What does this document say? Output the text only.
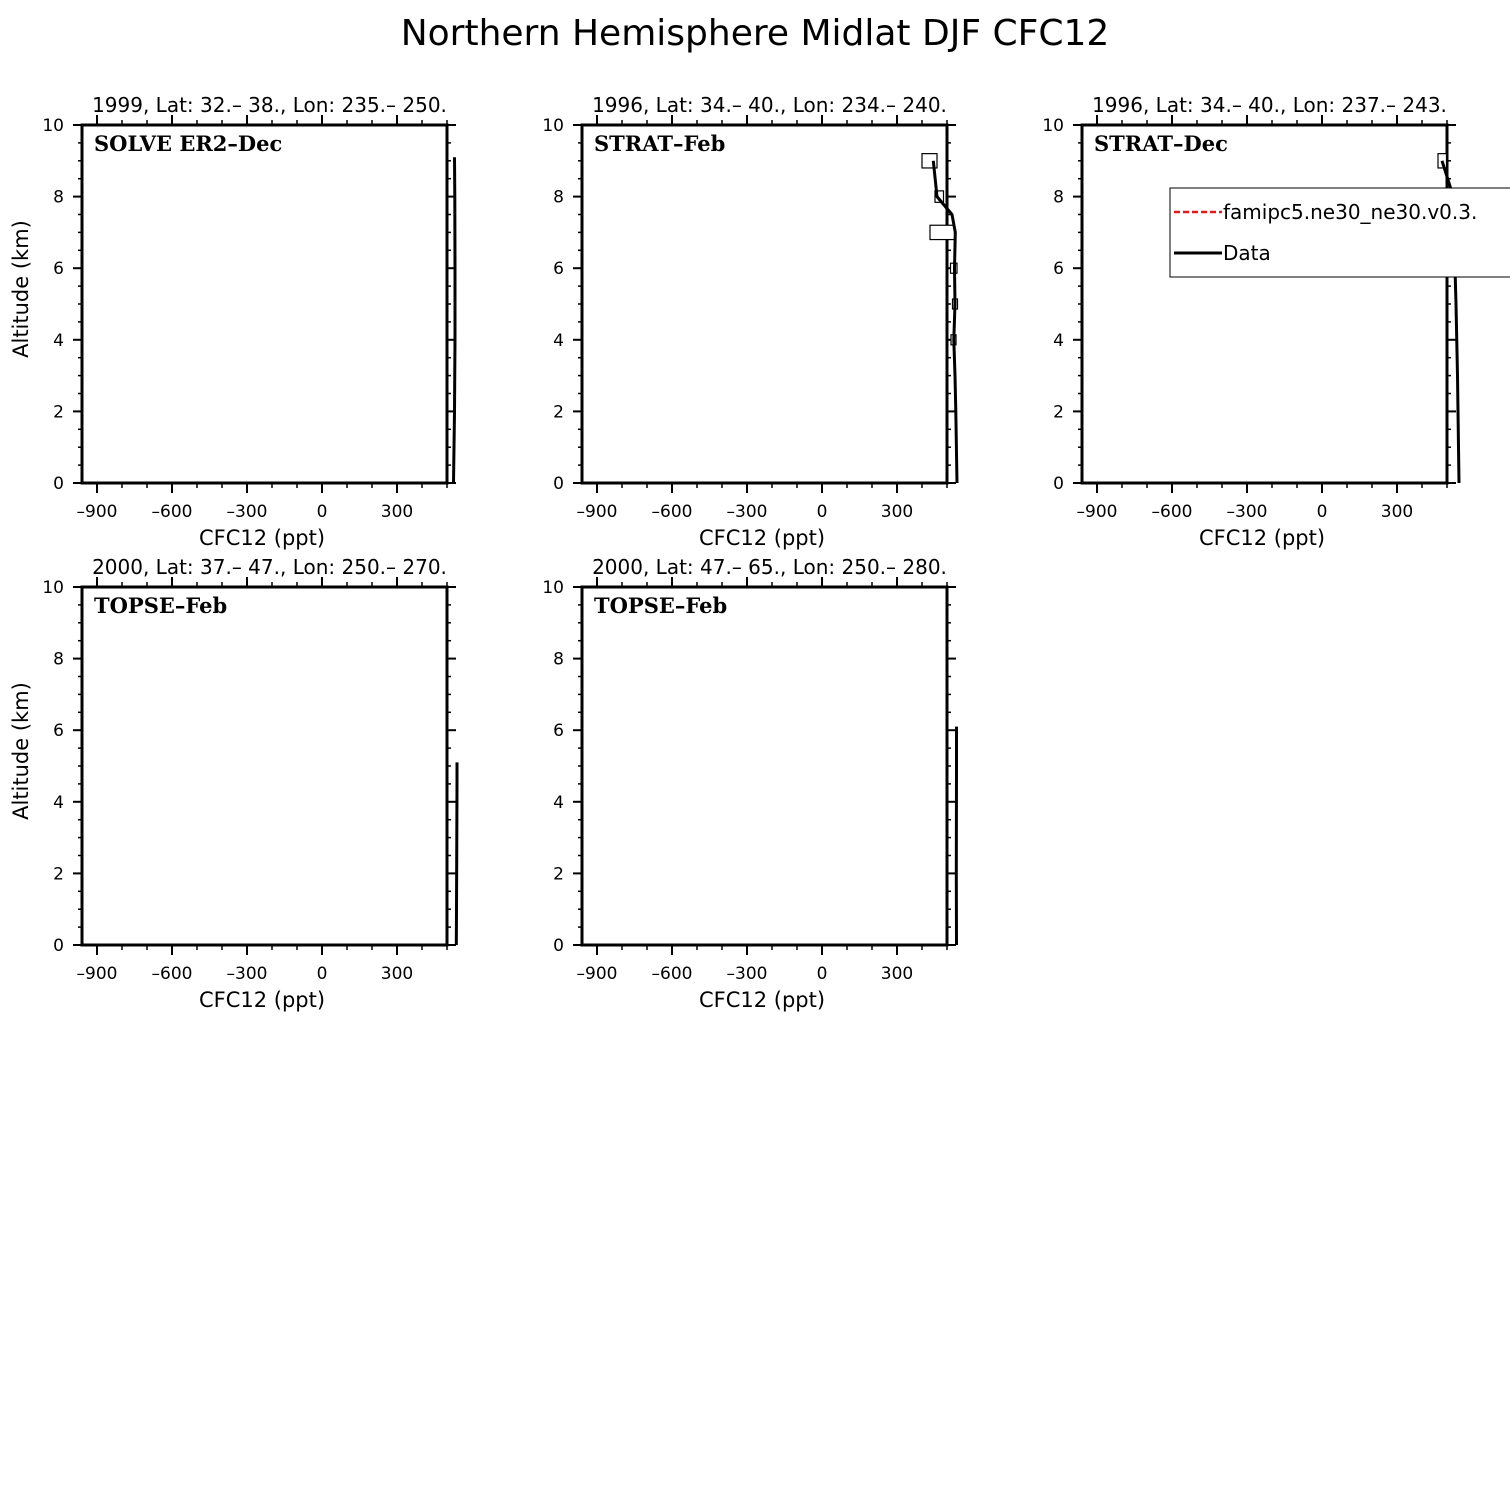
Northern Hemisphere Midlat DJF CFC12
1999, Lat: 32.– 38., Lon: 235.– 250.
SOLVE ER2–Dec
0
2
4
6
8
10
–900 –600 –300	0	300
CFC12 (ppt)
Altitude (km)
1996, Lat: 34.– 40., Lon: 234.– 240.
STRAT–Feb
0
2
4
6
8
10
–900 –600 –300	0	300
CFC12 (ppt)
1996, Lat: 34.– 40., Lon: 237.– 243.
STRAT–Dec
0
2
4
6
8
10
–900 –600 –300	0	300
CFC12 (ppt)
2000, Lat: 37.– 47., Lon: 250.– 270.
TOPSE–Feb
0
2
4
6
8
10
–900 –600 –300	0	300
CFC12 (ppt)
Altitude (km)
2000, Lat: 47.– 65., Lon: 250.– 280.
TOPSE–Feb
0
2
4
6
8
10
–900 –600 –300	0	300
CFC12 (ppt)
famipc5.ne30_ne30.v0.3.
Data
